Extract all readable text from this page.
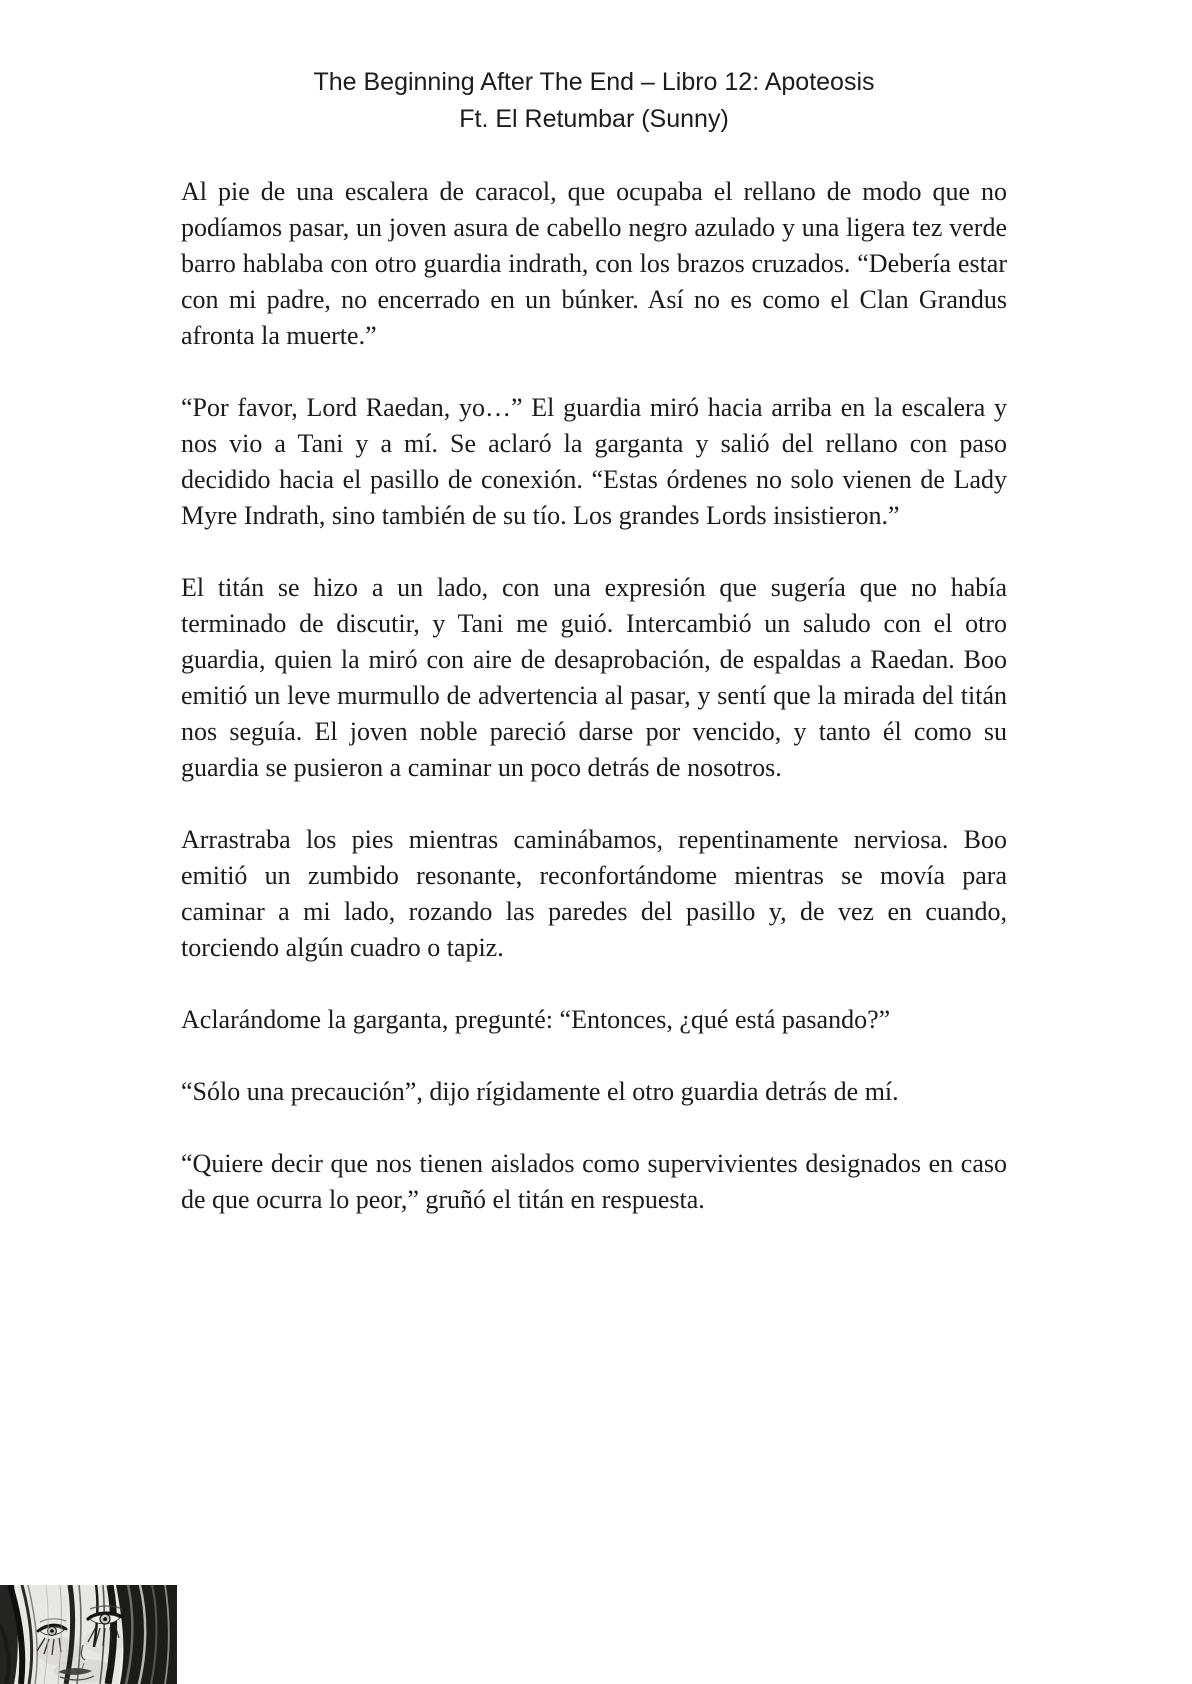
The Beginning After The End – Libro 12: Apoteosis
Ft. El Retumbar (Sunny)

Al pie de una escalera de caracol, que ocupaba el rellano de modo que no podíamos pasar, un joven asura de cabello negro azulado y una ligera tez verde barro hablaba con otro guardia indrath, con los brazos cruzados. “Debería estar con mi padre, no encerrado en un búnker. Así no es como el Clan Grandus afronta la muerte.”

“Por favor, Lord Raedan, yo…” El guardia miró hacia arriba en la escalera y nos vio a Tani y a mí. Se aclaró la garganta y salió del rellano con paso decidido hacia el pasillo de conexión. “Estas órdenes no solo vienen de Lady Myre Indrath, sino también de su tío. Los grandes Lords insistieron.”

El titán se hizo a un lado, con una expresión que sugería que no había terminado de discutir, y Tani me guió. Intercambió un saludo con el otro guardia, quien la miró con aire de desaprobación, de espaldas a Raedan. Boo emitió un leve murmullo de advertencia al pasar, y sentí que la mirada del titán nos seguía. El joven noble pareció darse por vencido, y tanto él como su guardia se pusieron a caminar un poco detrás de nosotros.

Arrastraba los pies mientras caminábamos, repentinamente nerviosa. Boo emitió un zumbido resonante, reconfortándome mientras se movía para caminar a mi lado, rozando las paredes del pasillo y, de vez en cuando, torciendo algún cuadro o tapiz.

Aclarándome la garganta, pregunté: “Entonces, ¿qué está pasando?”

“Sólo una precaución”, dijo rígidamente el otro guardia detrás de mí.

“Quiere decir que nos tienen aislados como supervivientes designados en caso de que ocurra lo peor,” gruñó el titán en respuesta.
